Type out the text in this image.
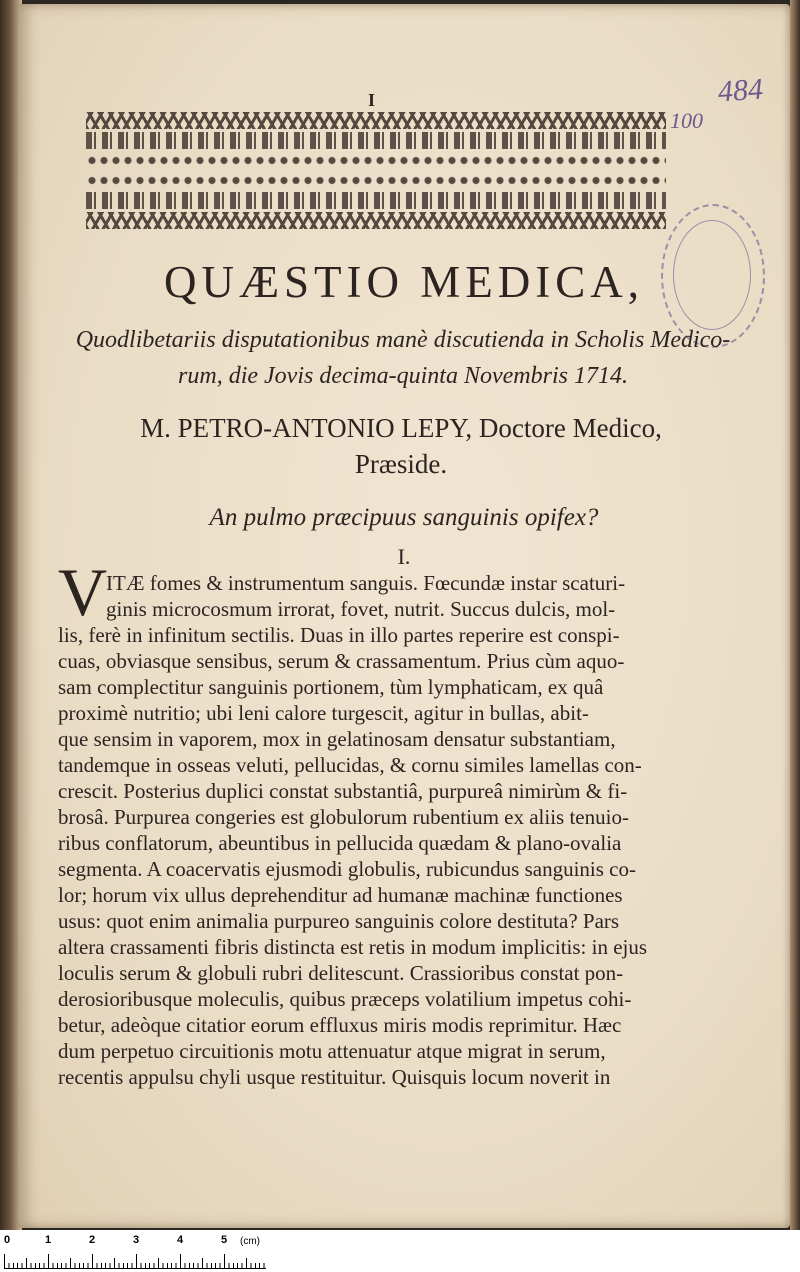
I	484
100
QUÆSTIO MEDICA,
Quodlibetariis disputationibus manè discutienda in Scholis Medico-
rum, die Jovis decima-quinta Novembris 1714.
M. PETRO-ANTONIO LEPY, Doctore Medico,
Præside.
An pulmo præcipuus sanguinis opifex?
I.
V
ITÆ fomes & instrumentum sanguis. Fœcundæ instar scaturi-
ginis microcosmum irrorat, fovet, nutrit. Succus dulcis, mol-
lis, ferè in infinitum sectilis. Duas in illo partes reperire est conspi-
cuas, obviasque sensibus, serum & crassamentum. Prius cùm aquo-
sam complectitur sanguinis portionem, tùm lymphaticam, ex quâ
proximè nutritio; ubi leni calore turgescit, agitur in bullas, abit-
que sensim in vaporem, mox in gelatinosam densatur substantiam,
tandemque in osseas veluti, pellucidas, & cornu similes lamellas con-
crescit. Posterius duplici constat substantiâ, purpureâ nimirùm & fi-
brosâ. Purpurea congeries est globulorum rubentium ex aliis tenuio-
ribus conflatorum, abeuntibus in pellucida quædam & plano-ovalia
segmenta. A coacervatis ejusmodi globulis, rubicundus sanguinis co-
lor; horum vix ullus deprehenditur ad humanæ machinæ functiones
usus: quot enim animalia purpureo sanguinis colore destituta? Pars
altera crassamenti fibris distincta est retis in modum implicitis: in ejus
loculis serum & globuli rubri delitescunt. Crassioribus constat pon-
derosioribusque moleculis, quibus præceps volatilium impetus cohi-
betur, adeòque citatior eorum effluxus miris modis reprimitur. Hæc
dum perpetuo circuitionis motu attenuatur atque migrat in serum,
recentis appulsu chyli usque restituitur. Quisquis locum noverit in
0	1	2	3	4	5 (cm)
